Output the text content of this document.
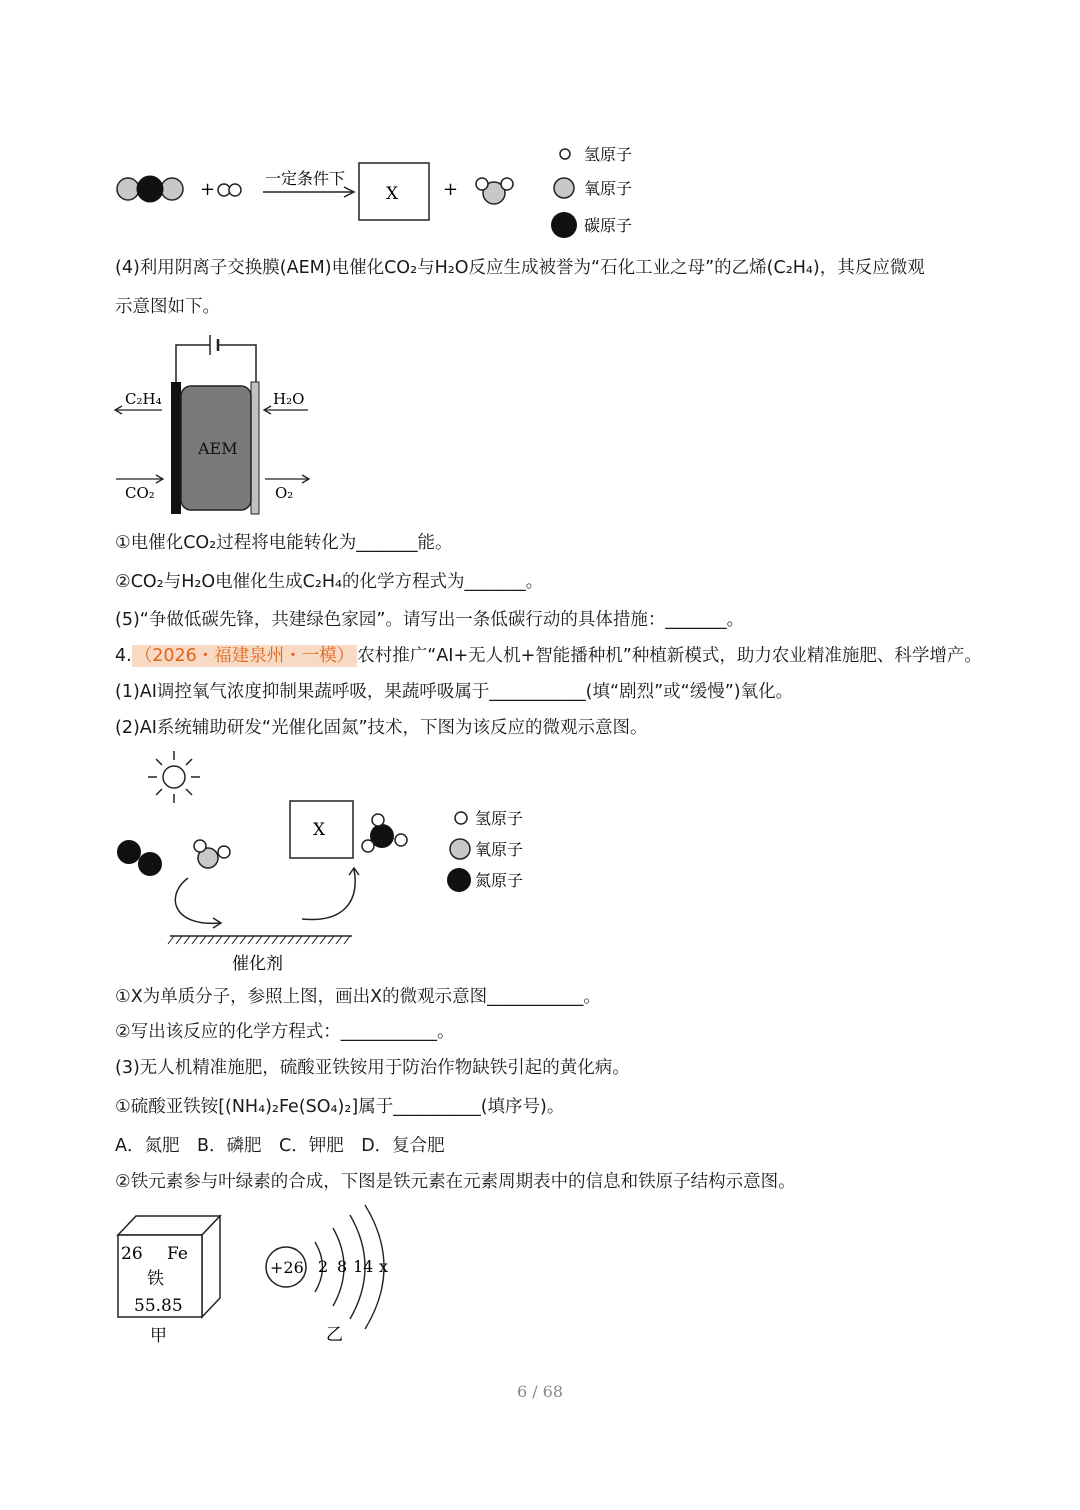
+
一定条件下
X +
氢原子
氧原子
碳原子
(4)利用阴离子交换膜(AEM)电催化CO₂与H₂O反应生成被誉为“石化工业之母”的乙烯(C₂H₄)，其反应微观
示意图如下。
AEM
C₂H₄	H₂O
CO₂	O₂
①电催化CO₂过程将电能转化为_______能。
②CO₂与H₂O电催化生成C₂H₄的化学方程式为_______。
(5)“争做低碳先锋，共建绿色家园”。请写出一条低碳行动的具体措施：_______。
4. （2026・福建泉州・一模） 农村推广“AI+无人机+智能播种机”种植新模式，助力农业精准施肥、科学增产。
(1)AI调控氧气浓度抑制果蔬呼吸，果蔬呼吸属于___________(填“剧烈”或“缓慢”)氧化。
(2)AI系统辅助研发“光催化固氮”技术，下图为该反应的微观示意图。
催化剂
X
氢原子
氧原子
氮原子
①X为单质分子，参照上图，画出X的微观示意图___________。
②写出该反应的化学方程式：___________。
(3)无人机精准施肥，硫酸亚铁铵用于防治作物缺铁引起的黄化病。
①硫酸亚铁铵[(NH₄)₂Fe(SO₄)₂]属于__________(填序号)。
A．氮肥　B．磷肥　C．钾肥　D．复合肥
②铁元素参与叶绿素的合成，下图是铁元素在元素周期表中的信息和铁原子结构示意图。
26 Fe
铁
55.85
甲
+26 2 8 14 x
乙
6 / 68
